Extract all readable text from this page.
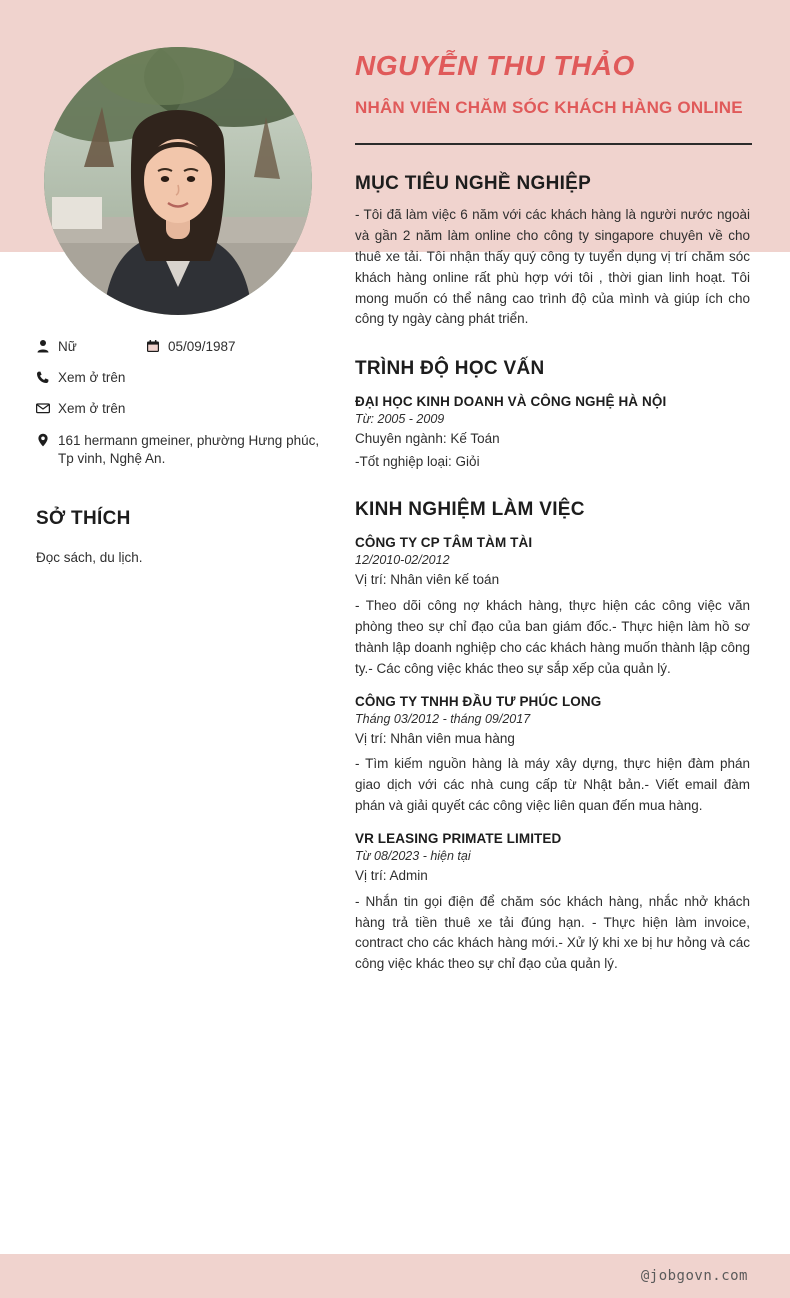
Nữ	05/09/1987
Xem ở trên
Xem ở trên
161 hermann gmeiner, phường Hưng phúc, Tp vinh, Nghệ An.
SỞ THÍCH
Đọc sách, du lịch.
NGUYỄN THU THẢO
NHÂN VIÊN CHĂM SÓC KHÁCH HÀNG ONLINE
MỤC TIÊU NGHỀ NGHIỆP

- Tôi đã làm việc 6 năm với các khách hàng là người nước ngoài và gần 2 năm làm online cho công ty singapore chuyên về cho thuê xe tải. Tôi nhận thấy quý công ty tuyển dụng vị trí chăm sóc khách hàng online rất phù hợp với tôi , thời gian linh hoạt. Tôi mong muốn có thể nâng cao trình độ của mình và giúp ích cho công ty ngày càng phát triển.

TRÌNH ĐỘ HỌC VẤN

ĐẠI HỌC KINH DOANH VÀ CÔNG NGHỆ HÀ NỘI

Từ: 2005 - 2009

Chuyên ngành: Kế Toán

-Tốt nghiệp loại: Giỏi

KINH NGHIỆM LÀM VIỆC

CÔNG TY CP TÂM TÀM TÀI

12/2010-02/2012

Vị trí: Nhân viên kế toán

- Theo dõi công nợ khách hàng, thực hiện các công việc văn phòng theo sự chỉ đạo của ban giám đốc.- Thực hiện làm hồ sơ thành lập doanh nghiệp cho các khách hàng muốn thành lập công ty.- Các công việc khác theo sự sắp xếp của quản lý.

CÔNG TY TNHH ĐẦU TƯ PHÚC LONG

Tháng 03/2012 - tháng 09/2017

Vị trí: Nhân viên mua hàng

- Tìm kiếm nguồn hàng là máy xây dựng, thực hiện đàm phán giao dịch với các nhà cung cấp từ Nhật bản.- Viết email đàm phán và giải quyết các công việc liên quan đến mua hàng.

VR LEASING PRIMATE LIMITED

Từ 08/2023 - hiện tại

Vị trí: Admin

- Nhắn tin gọi điện để chăm sóc khách hàng, nhắc nhở khách hàng trả tiền thuê xe tải đúng hạn. - Thực hiện làm invoice, contract cho các khách hàng mới.- Xử lý khi xe bị hư hỏng và các công việc khác theo sự chỉ đạo của quản lý.

@jobgovn.com
